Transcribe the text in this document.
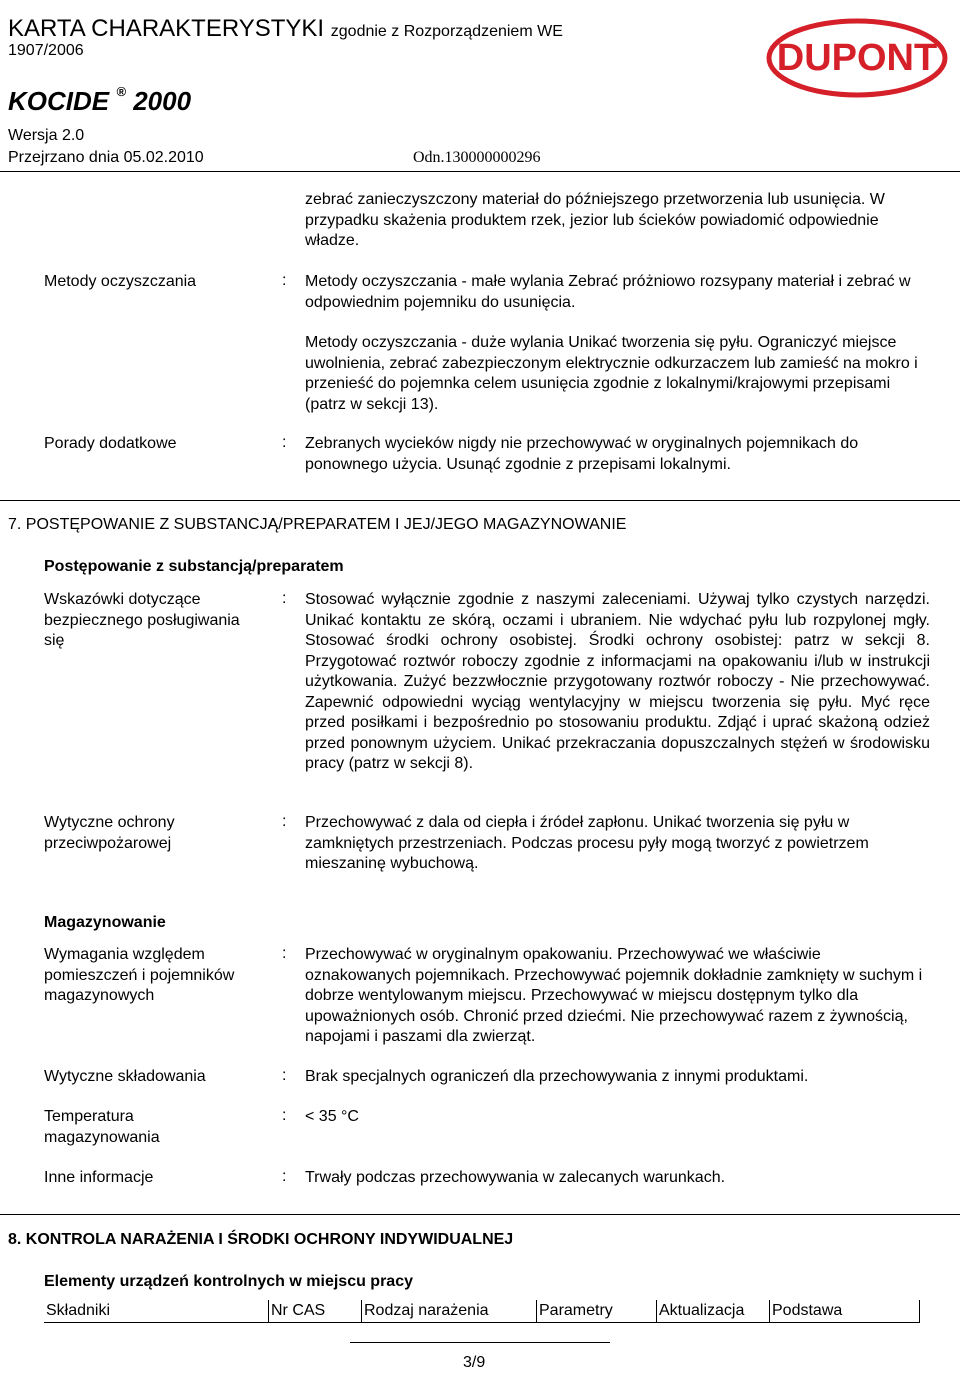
KARTA CHARAKTERYSTYKI zgodnie z Rozporządzeniem WE
1907/2006	DUPONT
KOCIDE ® 2000
Wersja 2.0
Przejrzano dnia 05.02.2010	Odn.130000000296
zebrać zanieczyszczony materiał do późniejszego przetworzenia lub usunięcia. W przypadku skażenia produktem rzek, jezior lub ścieków powiadomić odpowiednie władze.
Metody oczyszczania	: Metody oczyszczania - małe wylania Zebrać próżniowo rozsypany materiał i zebrać w odpowiednim pojemniku do usunięcia.
Metody oczyszczania - duże wylania Unikać tworzenia się pyłu. Ograniczyć miejsce uwolnienia, zebrać zabezpieczonym elektrycznie odkurzaczem lub zamieść na mokro i przenieść do pojemnka celem usunięcia zgodnie z lokalnymi/krajowymi przepisami (patrz w sekcji 13).
Porady dodatkowe	: Zebranych wycieków nigdy nie przechowywać w oryginalnych pojemnikach do ponownego użycia. Usunąć zgodnie z przepisami lokalnymi.
7. POSTĘPOWANIE Z SUBSTANCJĄ/PREPARATEM I JEJ/JEGO MAGAZYNOWANIE
Postępowanie z substancją/preparatem
Wskazówki dotyczące bezpiecznego posługiwania się
: Stosować wyłącznie zgodnie z naszymi zaleceniami. Używaj tylko czystych narzędzi. Unikać kontaktu ze skórą, oczami i ubraniem. Nie wdychać pyłu lub rozpylonej mgły. Stosować środki ochrony osobistej. Środki ochrony osobistej: patrz w sekcji 8. Przygotować roztwór roboczy zgodnie z informacjami na opakowaniu i/lub w instrukcji użytkowania. Zużyć bezzwłocznie przygotowany roztwór roboczy - Nie przechowywać. Zapewnić odpowiedni wyciąg wentylacyjny w miejscu tworzenia się pyłu. Myć ręce przed posiłkami i bezpośrednio po stosowaniu produktu. Zdjąć i uprać skażoną odzież przed ponownym użyciem. Unikać przekraczania dopuszczalnych stężeń w środowisku pracy (patrz w sekcji 8).
Wytyczne ochrony przeciwpożarowej
: Przechowywać z dala od ciepła i źródeł zapłonu. Unikać tworzenia się pyłu w zamkniętych przestrzeniach. Podczas procesu pyły mogą tworzyć z powietrzem mieszaninę wybuchową.
Magazynowanie
Wymagania względem pomieszczeń i pojemników magazynowych
: Przechowywać w oryginalnym opakowaniu. Przechowywać we właściwie oznakowanych pojemnikach. Przechowywać pojemnik dokładnie zamknięty w suchym i dobrze wentylowanym miejscu. Przechowywać w miejscu dostępnym tylko dla upoważnionych osób. Chronić przed dziećmi. Nie przechowywać razem z żywnością, napojami i paszami dla zwierząt.
Wytyczne składowania	: Brak specjalnych ograniczeń dla przechowywania z innymi produktami.
Temperatura magazynowania
: < 35 °C
Inne informacje	: Trwały podczas przechowywania w zalecanych warunkach.
8. KONTROLA NARAŻENIA I ŚRODKI OCHRONY INDYWIDUALNEJ
Elementy urządzeń kontrolnych w miejscu pracy
Składniki	Nr CAS	Rodzaj narażenia	Parametry	Aktualizacja	Podstawa
3/9
